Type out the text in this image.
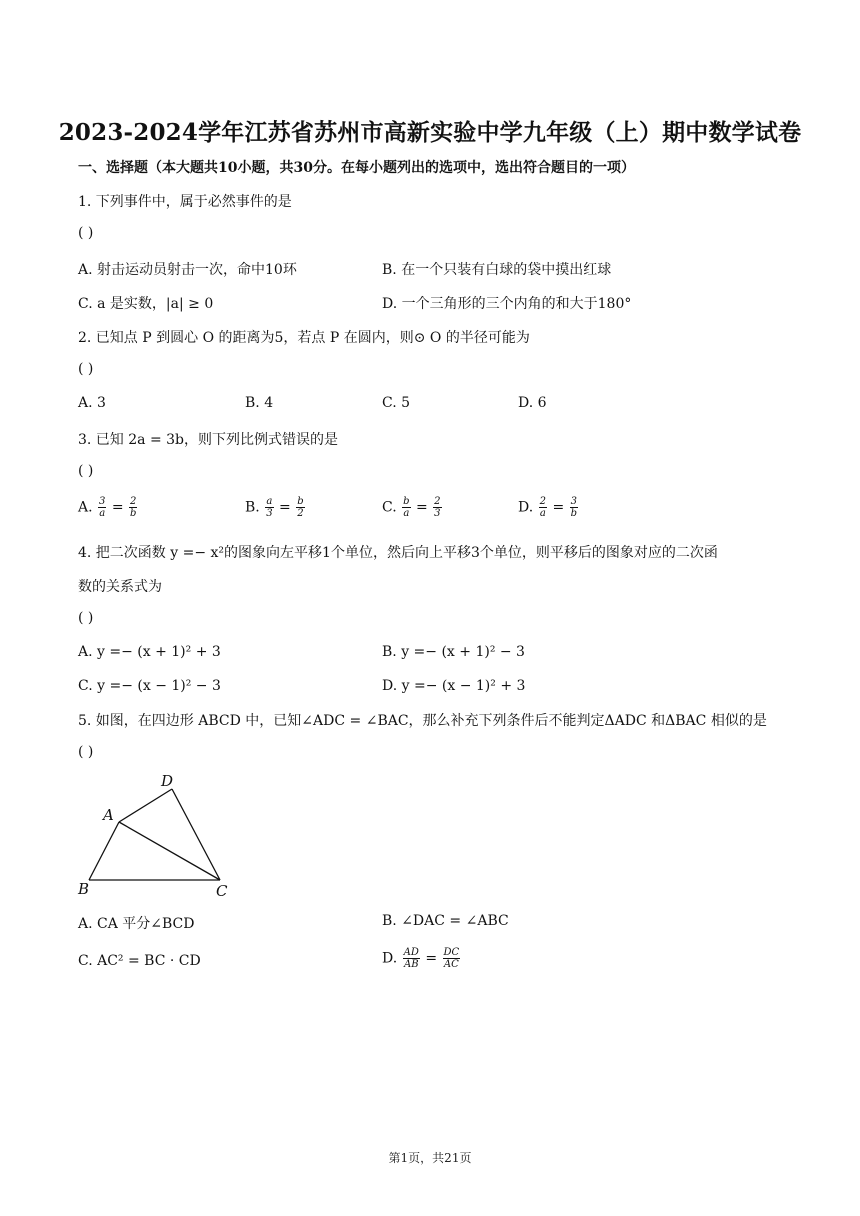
2023-2024学年江苏省苏州市高新实验中学九年级（上）期中数学试卷
一、选择题（本大题共10小题，共30分。在每小题列出的选项中，选出符合题目的一项）
1. 下列事件中，属于必然事件的是
( )
A. 射击运动员射击一次，命中10环	B. 在一个只装有白球的袋中摸出红球
C. a 是实数，|a| ≥ 0	D. 一个三角形的三个内角的和大于180°
2. 已知点 P 到圆心 O 的距离为5，若点 P 在圆内，则⊙ O 的半径可能为
( )
A. 3	B. 4	C. 5	D. 6
3. 已知 2a = 3b，则下列比例式错误的是
( )
A. $\frac{3}{a} = \frac{2}{b}$	B. $\frac{a}{3} = \frac{b}{2}$	C. $\frac{b}{a} = \frac{2}{3}$	D. $\frac{2}{a} = \frac{3}{b}$
4. 把二次函数 y =− x²的图象向左平移1个单位，然后向上平移3个单位，则平移后的图象对应的二次函
数的关系式为
( )
A. y =− (x + 1)² + 3	B. y =− (x + 1)² − 3
C. y =− (x − 1)² − 3	D. y =− (x − 1)² + 3
5. 如图，在四边形 ABCD 中，已知∠ADC = ∠BAC，那么补充下列条件后不能判定ΔADC 和ΔBAC 相似的是
( )
A
B	C
D
A. CA 平分∠BCD	B. ∠DAC = ∠ABC
C. AC² = BC · CD	D. $\frac{AD}{AB} = \frac{DC}{AC}$
第1页，共21页
